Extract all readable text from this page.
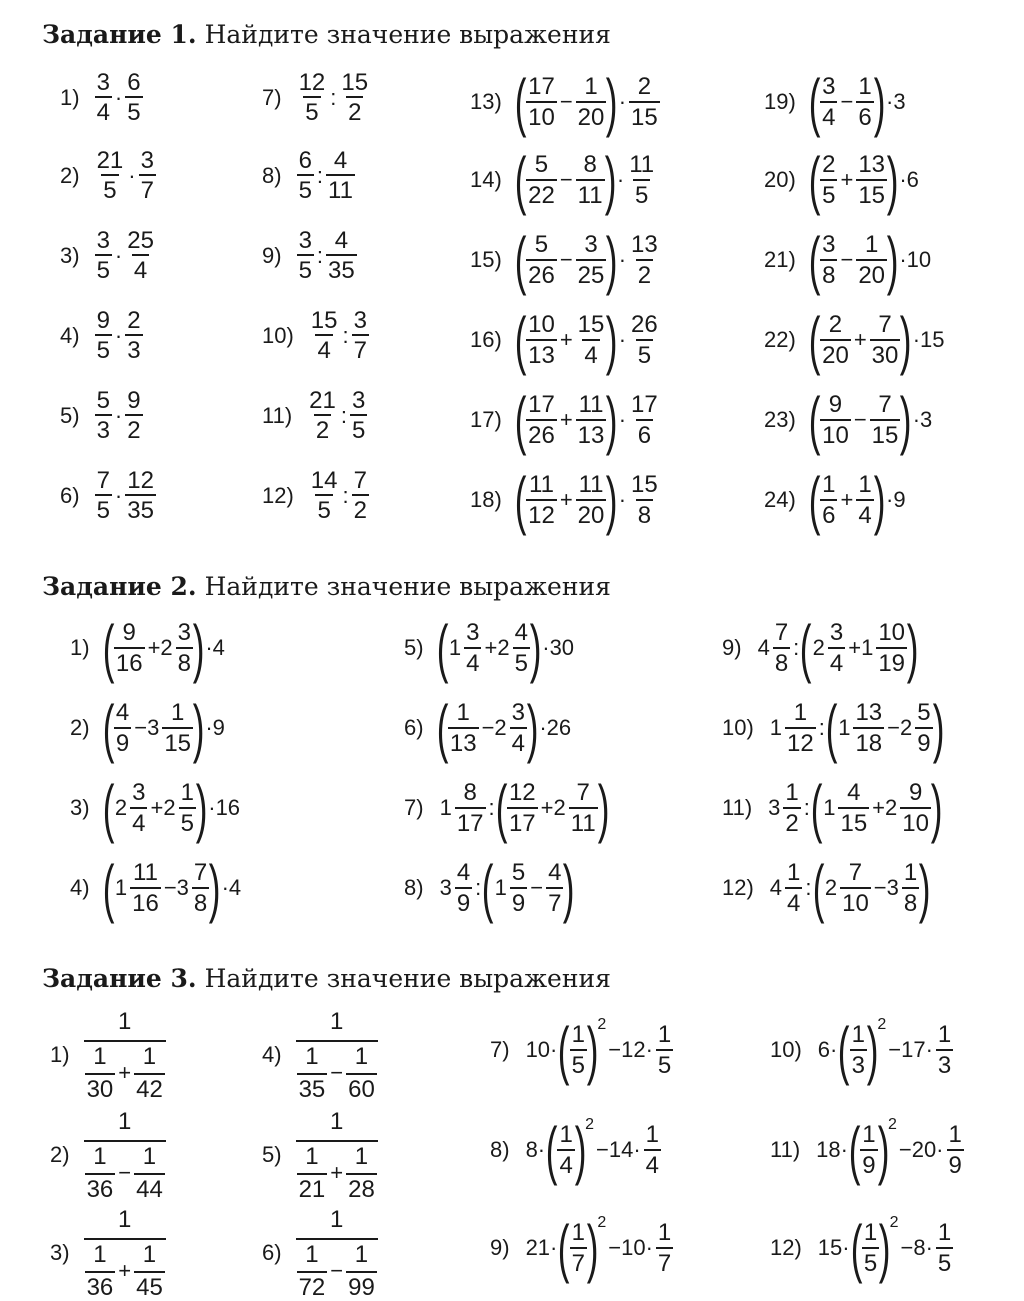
Задание 1. Найдите значение выражения
Задание 2. Найдите значение выражения
Задание 3. Найдите значение выражения
$1) \frac{3}{4} \cdot \frac{6}{5}$
$2) \frac{21}{5} \cdot \frac{3}{7}$
$3) \frac{3}{5} \cdot \frac{25}{4}$
$4) \frac{9}{5} \cdot \frac{2}{3}$
$5) \frac{5}{3} \cdot \frac{9}{2}$
$6) \frac{7}{5} \cdot \frac{12}{35}$
$7) \frac{12}{5}$ : $\frac{15}{2}$
$8) \frac{6}{5}$ : $\frac{4}{11}$
$9) \frac{3}{5}$ : $\frac{4}{35}$
$10) \frac{15}{4}$ : $\frac{3}{7}$
$11) \frac{21}{2}$ : $\frac{3}{5}$
$12) \frac{14}{5}$ : $\frac{7}{2}$
13) ( $\frac{17}{10} - \frac{1}{20}$ ) · $\frac{2}{15}$
14) ( $\frac{5}{22} - \frac{8}{11}$ ) · $\frac{11}{5}$
15) ( $\frac{5}{26} - \frac{3}{25}$ ) · $\frac{13}{2}$
16) ( $\frac{10}{13} + \frac{15}{4}$ ) · $\frac{26}{5}$
17) ( $\frac{17}{26} + \frac{11}{13}$ ) · $\frac{17}{6}$
18) ( $\frac{11}{12} + \frac{11}{20}$ ) · $\frac{15}{8}$
19) ( $\frac{3}{4} - \frac{1}{6}$ ) ·3
20) ( $\frac{2}{5} + \frac{13}{15}$ ) ·6
21) ( $\frac{3}{8} - \frac{1}{20}$ ) ·10
22) ( $\frac{2}{20} + \frac{7}{30}$ ) ·15
23) ( $\frac{9}{10} - \frac{7}{15}$ ) ·3
24) ( $\frac{1}{6} + \frac{1}{4}$ ) ·9
1) ( $\frac{9}{16} +2 \frac{3}{8}$ ) ·4
2) ( $\frac{4}{9} -3 \frac{1}{15}$ ) ·9
3) ( $2 \frac{3}{4} +2 \frac{1}{5}$ ) ·16
4) ( $1 \frac{11}{16} -3 \frac{7}{8}$ ) ·4
5) ( $1 \frac{3}{4} +2 \frac{4}{5}$ ) ·30
6) ( $\frac{1}{13} -2 \frac{3}{4}$ ) ·26
7) $1 \frac{8}{17}$ : ( $\frac{12}{17} +2 \frac{7}{11}$ )
8) $3 \frac{4}{9}$ : ( $1 \frac{5}{9} - \frac{4}{7}$ )
9) $4 \frac{7}{8}$ : ( $2 \frac{3}{4} +1 \frac{10}{19}$ )
10) $1 \frac{1}{12}$ : ( $1 \frac{13}{18} -2 \frac{5}{9}$ )
11) $3 \frac{1}{2}$ : ( $1 \frac{4}{15} +2 \frac{9}{10}$ )
12) $4 \frac{1}{4}$ : ( $2 \frac{7}{10} -3 \frac{1}{8}$ )
$1) \frac{1}{\frac{1}{30} + \frac{1}{42}}$
$2) \frac{1}{\frac{1}{36} - \frac{1}{44}}$
$3) \frac{1}{\frac{1}{36} + \frac{1}{45}}$
$4) \frac{1}{\frac{1}{35} - \frac{1}{60}}$
$5) \frac{1}{\frac{1}{21} + \frac{1}{28}}$
$6) \frac{1}{\frac{1}{72} - \frac{1}{99}}$
7) 10· ( $\frac{1}{5}$ )
2
$-12\cdot \frac{1}{5}$
8) 8· ( $\frac{1}{4}$ )
2
$-14\cdot \frac{1}{4}$
9) 21· ( $\frac{1}{7}$ )
2
$-10\cdot \frac{1}{7}$
10) 6· ( $\frac{1}{3}$ )
2
$-17\cdot \frac{1}{3}$
11) 18· ( $\frac{1}{9}$ )
2
$-20\cdot \frac{1}{9}$
12) 15· ( $\frac{1}{5}$ )
2
$-8\cdot \frac{1}{5}$
